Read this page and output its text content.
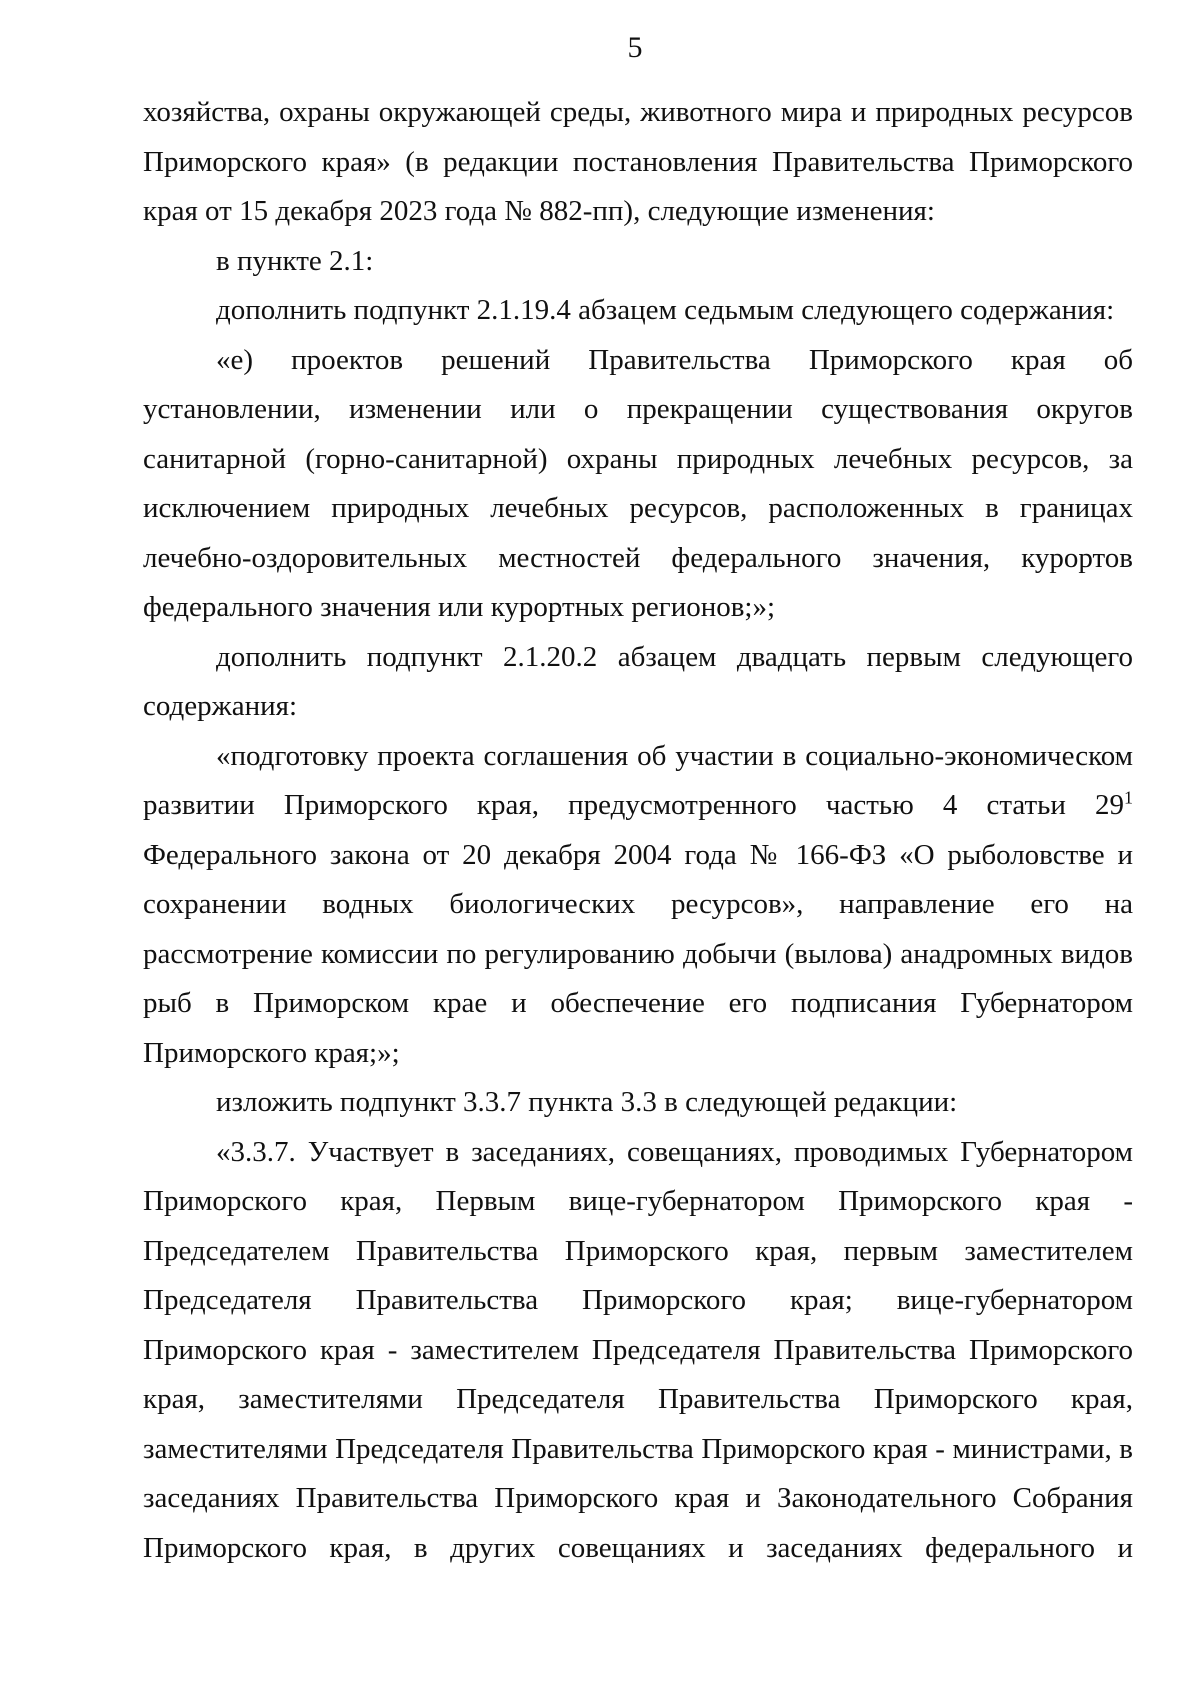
5

хозяйства, охраны окружающей среды, животного мира и природных ресурсов Приморского края» (в редакции постановления Правительства Приморского края от 15 декабря 2023 года № 882-пп), следующие изменения:

в пункте 2.1:

дополнить подпункт 2.1.19.4 абзацем седьмым следующего содержания:

«е) проектов решений Правительства Приморского края об установлении, изменении или о прекращении существования округов санитарной (горно-санитарной) охраны природных лечебных ресурсов, за исключением природных лечебных ресурсов, расположенных в границах лечебно-оздоровительных местностей федерального значения, курортов федерального значения или курортных регионов;»;

дополнить подпункт 2.1.20.2 абзацем двадцать первым следующего содержания:

«подготовку проекта соглашения об участии в социально-экономическом развитии Приморского края, предусмотренного частью 4 статьи $29^1$ Федерального закона от 20 декабря 2004 года № 166-ФЗ «О рыболовстве и сохранении водных биологических ресурсов», направление его на рассмотрение комиссии по регулированию добычи (вылова) анадромных видов рыб в Приморском крае и обеспечение его подписания Губернатором Приморского края;»;

изложить подпункт 3.3.7 пункта 3.3 в следующей редакции:

«3.3.7. Участвует в заседаниях, совещаниях, проводимых Губернатором Приморского края, Первым вице-губернатором Приморского края - Председателем Правительства Приморского края, первым заместителем Председателя Правительства Приморского края; вице-губернатором Приморского края - заместителем Председателя Правительства Приморского края, заместителями Председателя Правительства Приморского края, заместителями Председателя Правительства Приморского края - министрами, в заседаниях Правительства Приморского края и Законодательного Собрания Приморского края, в других совещаниях и заседаниях федерального и
